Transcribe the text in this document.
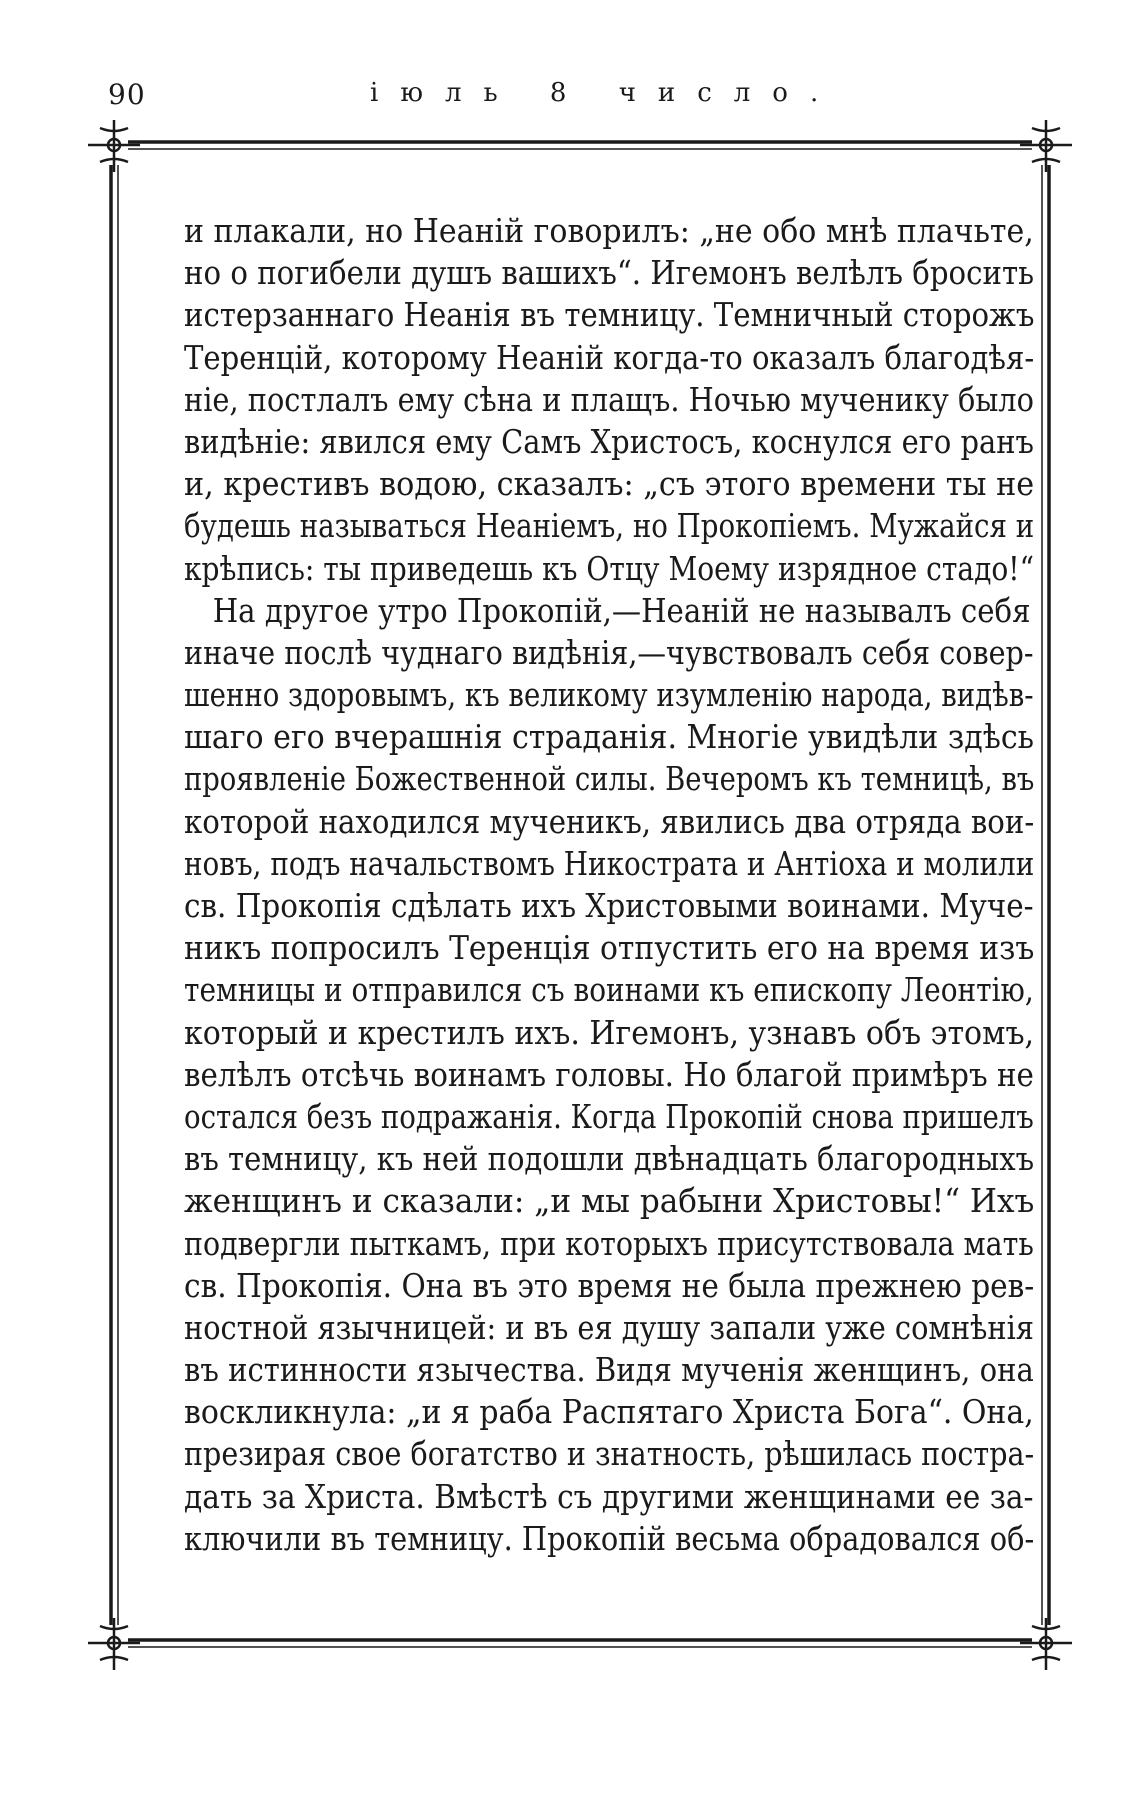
90	іюль 8 число.
и плакали, но Неаній говорилъ: „не обо мнѣ плачьте,
но о погибели душъ вашихъ“. Игемонъ велѣлъ бросить
истерзаннаго Неанія въ темницу. Темничный сторожъ
Теренцій, которому Неаній когда-то оказалъ благодѣя-
ніе, постлалъ ему сѣна и плащъ. Ночью мученику было
видѣніе: явился ему Самъ Христосъ, коснулся его ранъ
и, крестивъ водою, сказалъ: „съ этого времени ты не
будешь называться Неаніемъ, но Прокопіемъ. Мужайся и
крѣпись: ты приведешь къ Отцу Моему изрядное стадо!“
На другое утро Прокопій,—Неаній не называлъ себя
иначе послѣ чуднаго видѣнія,—чувствовалъ себя совер-
шенно здоровымъ, къ великому изумленію народа, видѣв-
шаго его вчерашнія страданія. Многіе увидѣли здѣсь
проявленіе Божественной силы. Вечеромъ къ темницѣ, въ
которой находился мученикъ, явились два отряда вои-
новъ, подъ начальствомъ Никострата и Антіоха и молили
св. Прокопія сдѣлать ихъ Христовыми воинами. Муче-
никъ попросилъ Теренція отпустить его на время изъ
темницы и отправился съ воинами къ епископу Леонтію,
который и крестилъ ихъ. Игемонъ, узнавъ объ этомъ,
велѣлъ отсѣчь воинамъ головы. Но благой примѣръ не
остался безъ подражанія. Когда Прокопій снова пришелъ
въ темницу, къ ней подошли двѣнадцать благородныхъ
женщинъ и сказали: „и мы рабыни Христовы!“ Ихъ
подвергли пыткамъ, при которыхъ присутствовала мать
св. Прокопія. Она въ это время не была прежнею рев-
ностной язычницей: и въ ея душу запали уже сомнѣнія
въ истинности язычества. Видя мученія женщинъ, она
воскликнула: „и я раба Распятаго Христа Бога“. Она,
презирая свое богатство и знатность, рѣшилась постра-
дать за Христа. Вмѣстѣ съ другими женщинами ее за-
ключили въ темницу. Прокопій весьма обрадовался об-
